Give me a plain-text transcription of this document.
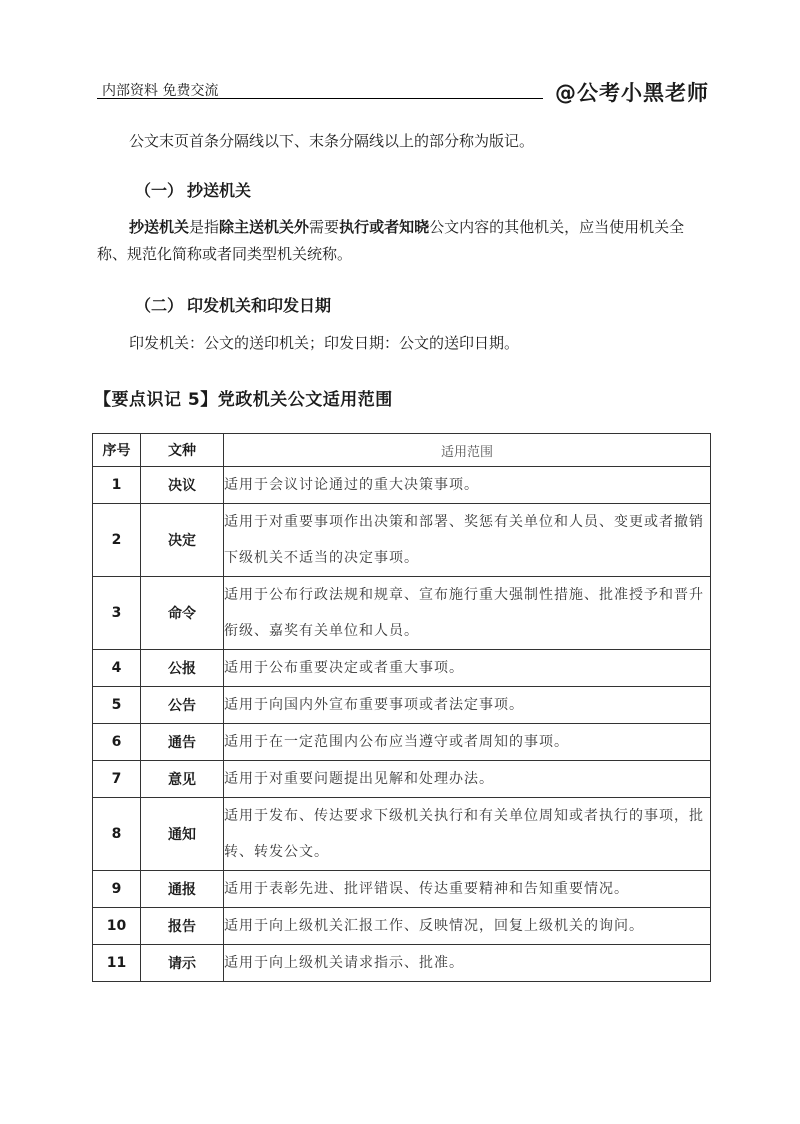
内部资料 免费交流	@公考小黑老师
公文末页首条分隔线以下、末条分隔线以上的部分称为版记。
（一） 抄送机关
抄送机关是指除主送机关外需要执行或者知晓公文内容的其他机关，应当使用机关全称、规范化简称或者同类型机关统称。
（二） 印发机关和印发日期
印发机关：公文的送印机关；印发日期：公文的送印日期。
【要点识记 5】党政机关公文适用范围
序号	文种	适用范围
1	决议	适用于会议讨论通过的重大决策事项。
2	决定	适用于对重要事项作出决策和部署、奖惩有关单位和人员、变更或者撤销下级机关不适当的决定事项。
3	命令	适用于公布行政法规和规章、宣布施行重大强制性措施、批准授予和晋升衔级、嘉奖有关单位和人员。
4	公报	适用于公布重要决定或者重大事项。
5	公告	适用于向国内外宣布重要事项或者法定事项。
6	通告	适用于在一定范围内公布应当遵守或者周知的事项。
7	意见	适用于对重要问题提出见解和处理办法。
8	通知	适用于发布、传达要求下级机关执行和有关单位周知或者执行的事项，批转、转发公文。
9	通报	适用于表彰先进、批评错误、传达重要精神和告知重要情况。
10	报告	适用于向上级机关汇报工作、反映情况，回复上级机关的询问。
11	请示	适用于向上级机关请求指示、批准。
